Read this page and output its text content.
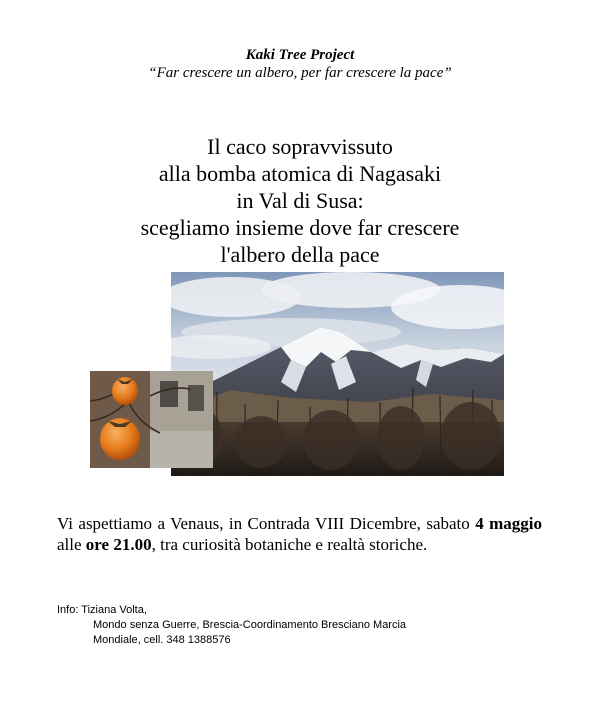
Kaki Tree Project
“Far crescere un albero, per far crescere la pace”
Il caco sopravvissuto
alla bomba atomica di Nagasaki
in Val di Susa:
scegliamo insieme dove far crescere
l'albero della pace
Vi aspettiamo a Venaus, in Contrada VIII Dicembre, sabato 4 maggio alle ore 21.00, tra curiosità botaniche e realtà storiche.
Info: Tiziana Volta,
Mondo senza Guerre, Brescia-Coordinamento Bresciano Marcia
Mondiale, cell. 348 1388576
